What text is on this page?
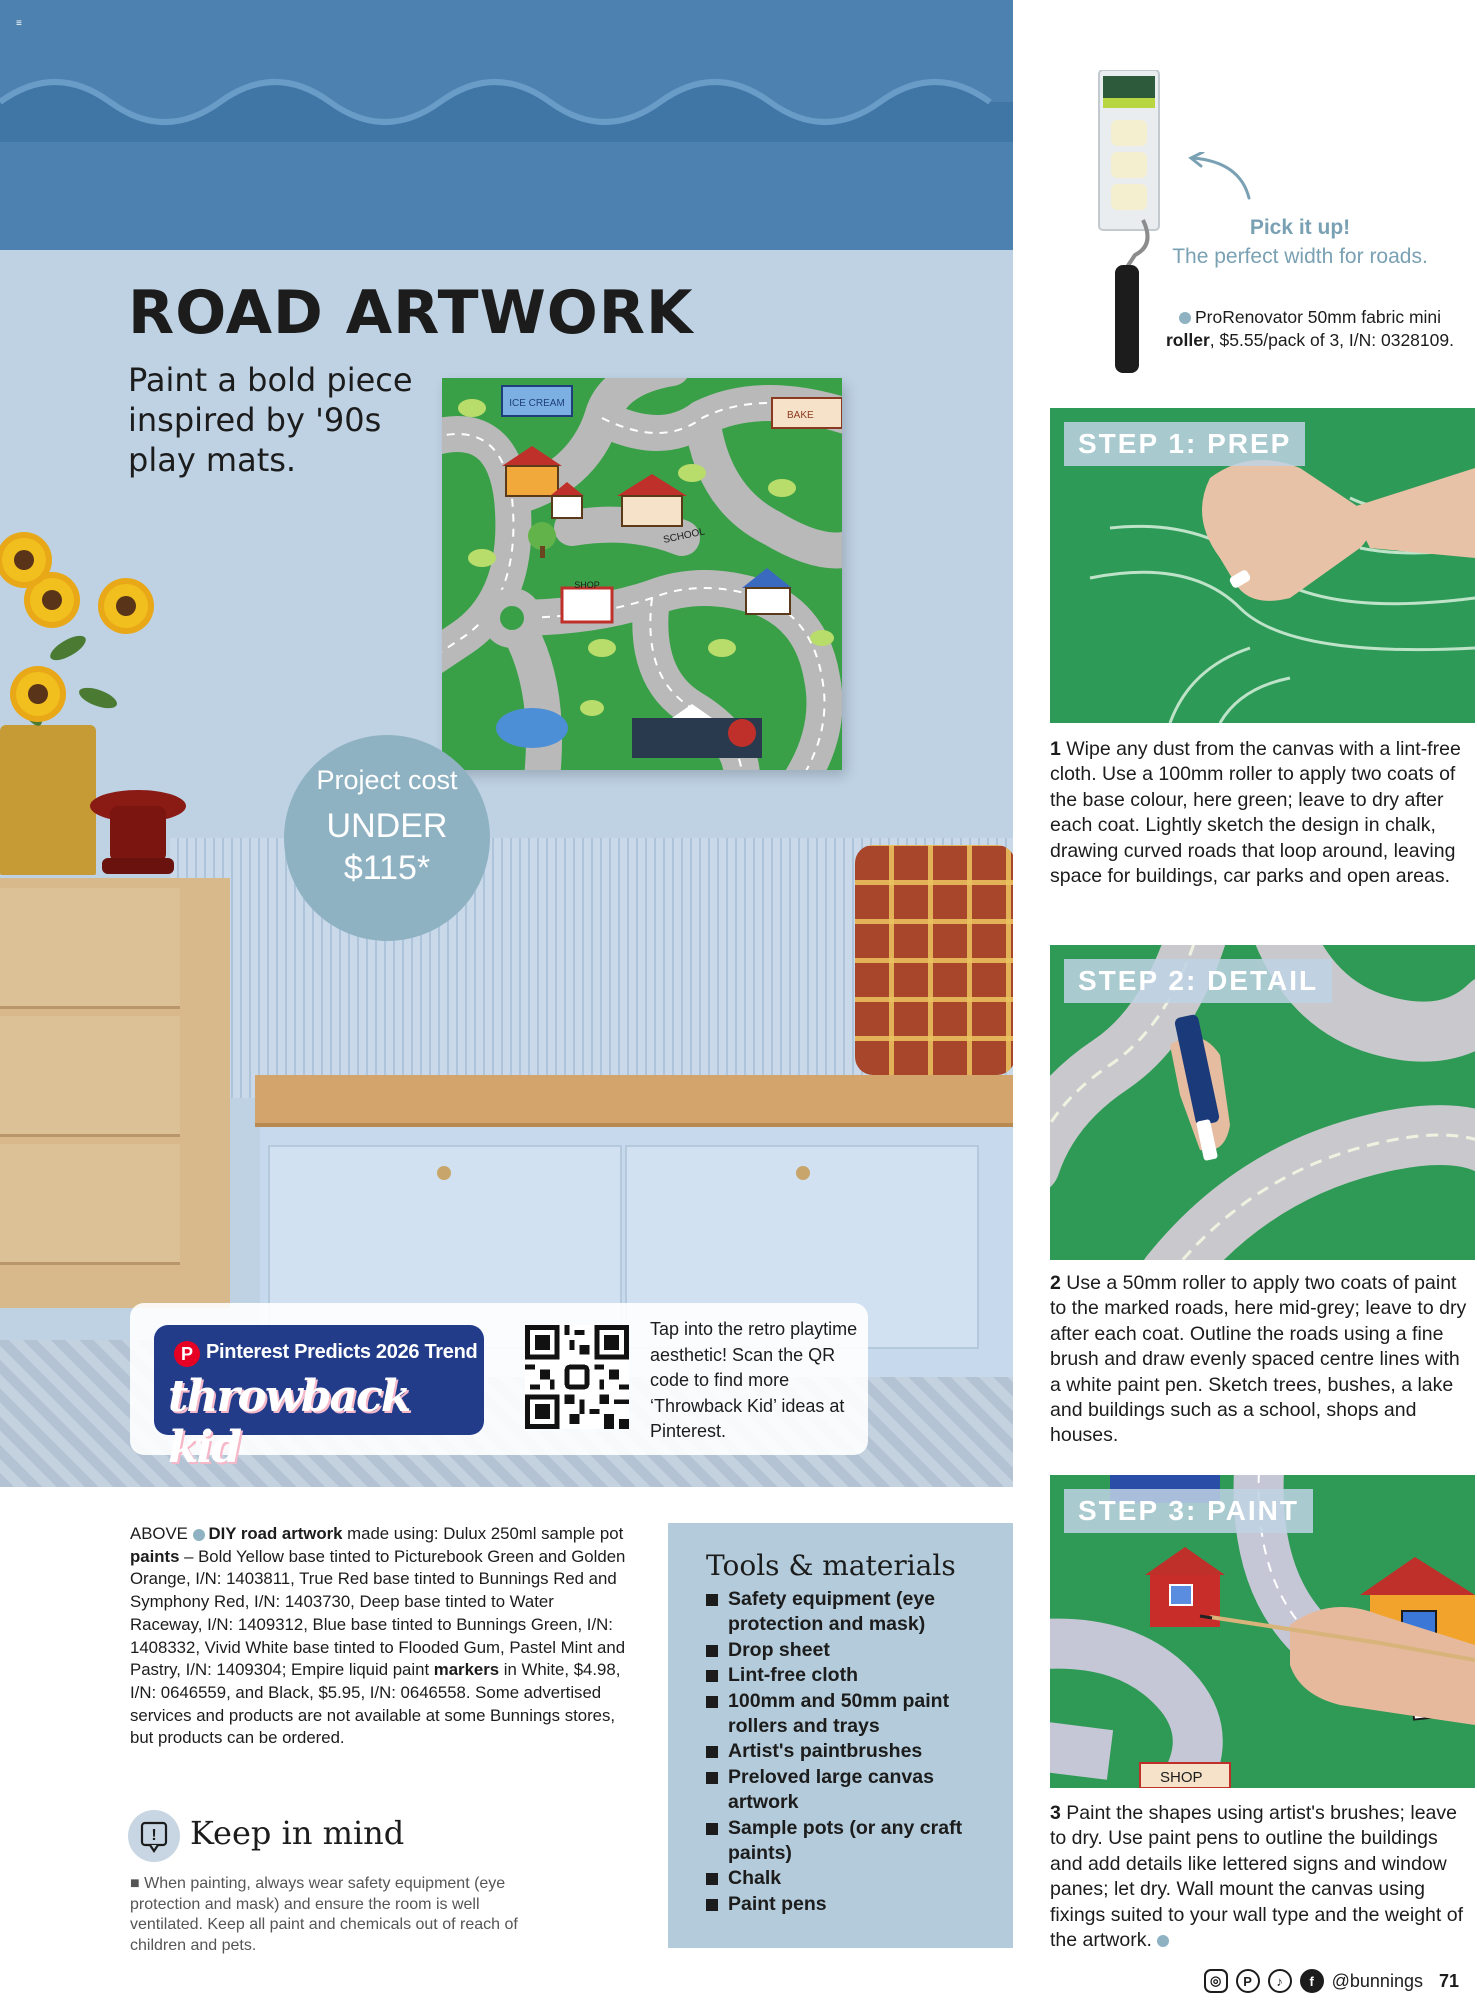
ICE CREAM
BAKE
SCHOOL
SHOP
≡
ROAD ARTWORK
Paint a bold piece inspired by '90s play mats.
Project cost
UNDER
$115*
P Pinterest Predicts 2026 Trend
throwback kid
Tap into the retro playtime aesthetic! Scan the QR code to find more ‘Throwback Kid’ ideas at Pinterest.
Pick it up!
The perfect width for roads.
ProRenovator 50mm fabric mini roller, $5.55/pack of 3, I/N: 0328109.
STEP 1: PREP
1 Wipe any dust from the canvas with a lint-free cloth. Use a 100mm roller to apply two coats of the base colour, here green; leave to dry after each coat. Lightly sketch the design in chalk, drawing curved roads that loop around, leaving space for buildings, car parks and open areas.
STEP 2: DETAIL
2 Use a 50mm roller to apply two coats of paint to the marked roads, here mid-grey; leave to dry after each coat. Outline the roads using a fine brush and draw evenly spaced centre lines with a white paint pen. Sketch trees, bushes, a lake and buildings such as a school, shops and houses.
SHOP
STEP 3: PAINT
3 Paint the shapes using artist's brushes; leave to dry. Use paint pens to outline the buildings and add details like lettered signs and window panes; let dry. Wall mount the canvas using fixings suited to your wall type and the weight of the artwork.
ABOVE DIY road artwork made using: Dulux 250ml sample pot paints – Bold Yellow base tinted to Picturebook Green and Golden Orange, I/N: 1403811, True Red base tinted to Bunnings Red and Symphony Red, I/N: 1403730, Deep base tinted to Water Raceway, I/N: 1409312, Blue base tinted to Bunnings Green, I/N: 1408332, Vivid White base tinted to Flooded Gum, Pastel Mint and Pastry, I/N: 1409304; Empire liquid paint markers in White, $4.98, I/N: 0646559, and Black, $5.95, I/N: 0646558. Some advertised services and products are not available at some Bunnings stores, but products can be ordered.
! Keep in mind
■ When painting, always wear safety equipment (eye protection and mask) and ensure the room is well ventilated. Keep all paint and chemicals out of reach of children and pets.
Tools & materials
Safety equipment (eye protection and mask)
Drop sheet
Lint-free cloth
100mm and 50mm paint rollers and trays
Artist's paintbrushes
Preloved large canvas artwork
Sample pots (or any craft paints)
Chalk
Paint pens
◎	P	♪	f @bunnings 71
